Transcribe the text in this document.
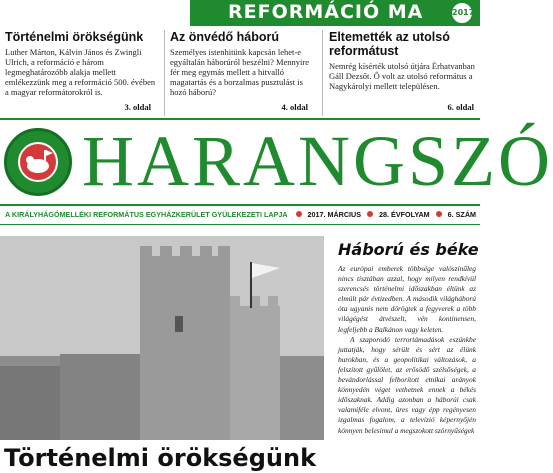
REFORMÁCIÓ MA	2017
Történelmi örökségünk

Luther Márton, Kálvin János és Zwingli Ulrich, a reformáció e három legmeghatározóbb alakja mellett emlékezzünk meg a reformáció 500. évében a magyar reformátorokról is.

3. oldal
Az önvédő háború

Személyes istenhitünk kapcsán lehet-e egyáltalán háborúról beszélni? Mennyire fér meg egymás mellett a hitvalló magatartás és a borzalmas pusztulást is hozó háború?

4. oldal
Eltemették az utolsó reformátust

Nemrég kísérték utolsó útjára Érhatvanban Gáll Dezsőt. Ő volt az utolsó református a Nagykárolyi mellett településen.

6. oldal
HARANGSZÓ
A KIRÁLYHÁGÓMELLÉKI REFORMÁTUS EGYHÁZKERÜLET GYÜLEKEZETI LAPJA	2017. MÁRCIUS	28. ÉVFOLYAM	6. SZÁM
Történelmi örökségünk
Háború és béke

Az európai emberek többsége valószínűleg nincs tisztában azzal, hogy milyen rendkívül szerencsés történelmi időszakban éltünk az elmúlt pár évtizedben. A második világháború óta ugyanis nem dörögtek a fegyverek a több világégést átvészelt, vén kontinensen, legfeljebb a Balkánon vagy keleten.

A szaporodó terrortámadások eszünkbe juttatják, hogy sérült és sért az élünk burokban, és a geopolitikai változások, a felszított gyűlölet, az erősödő szélsőségek, a bevándorlással felborított etnikai arányok könnyedén véget vethetnek ennek a békés időszaknak. Addig azonban a háborúi csak valamiféle elvont, üres vagy épp regényesen izgalmas fogalom, a televízió képernyőjén könnyen belesimul a megszokott szörnyűségek
